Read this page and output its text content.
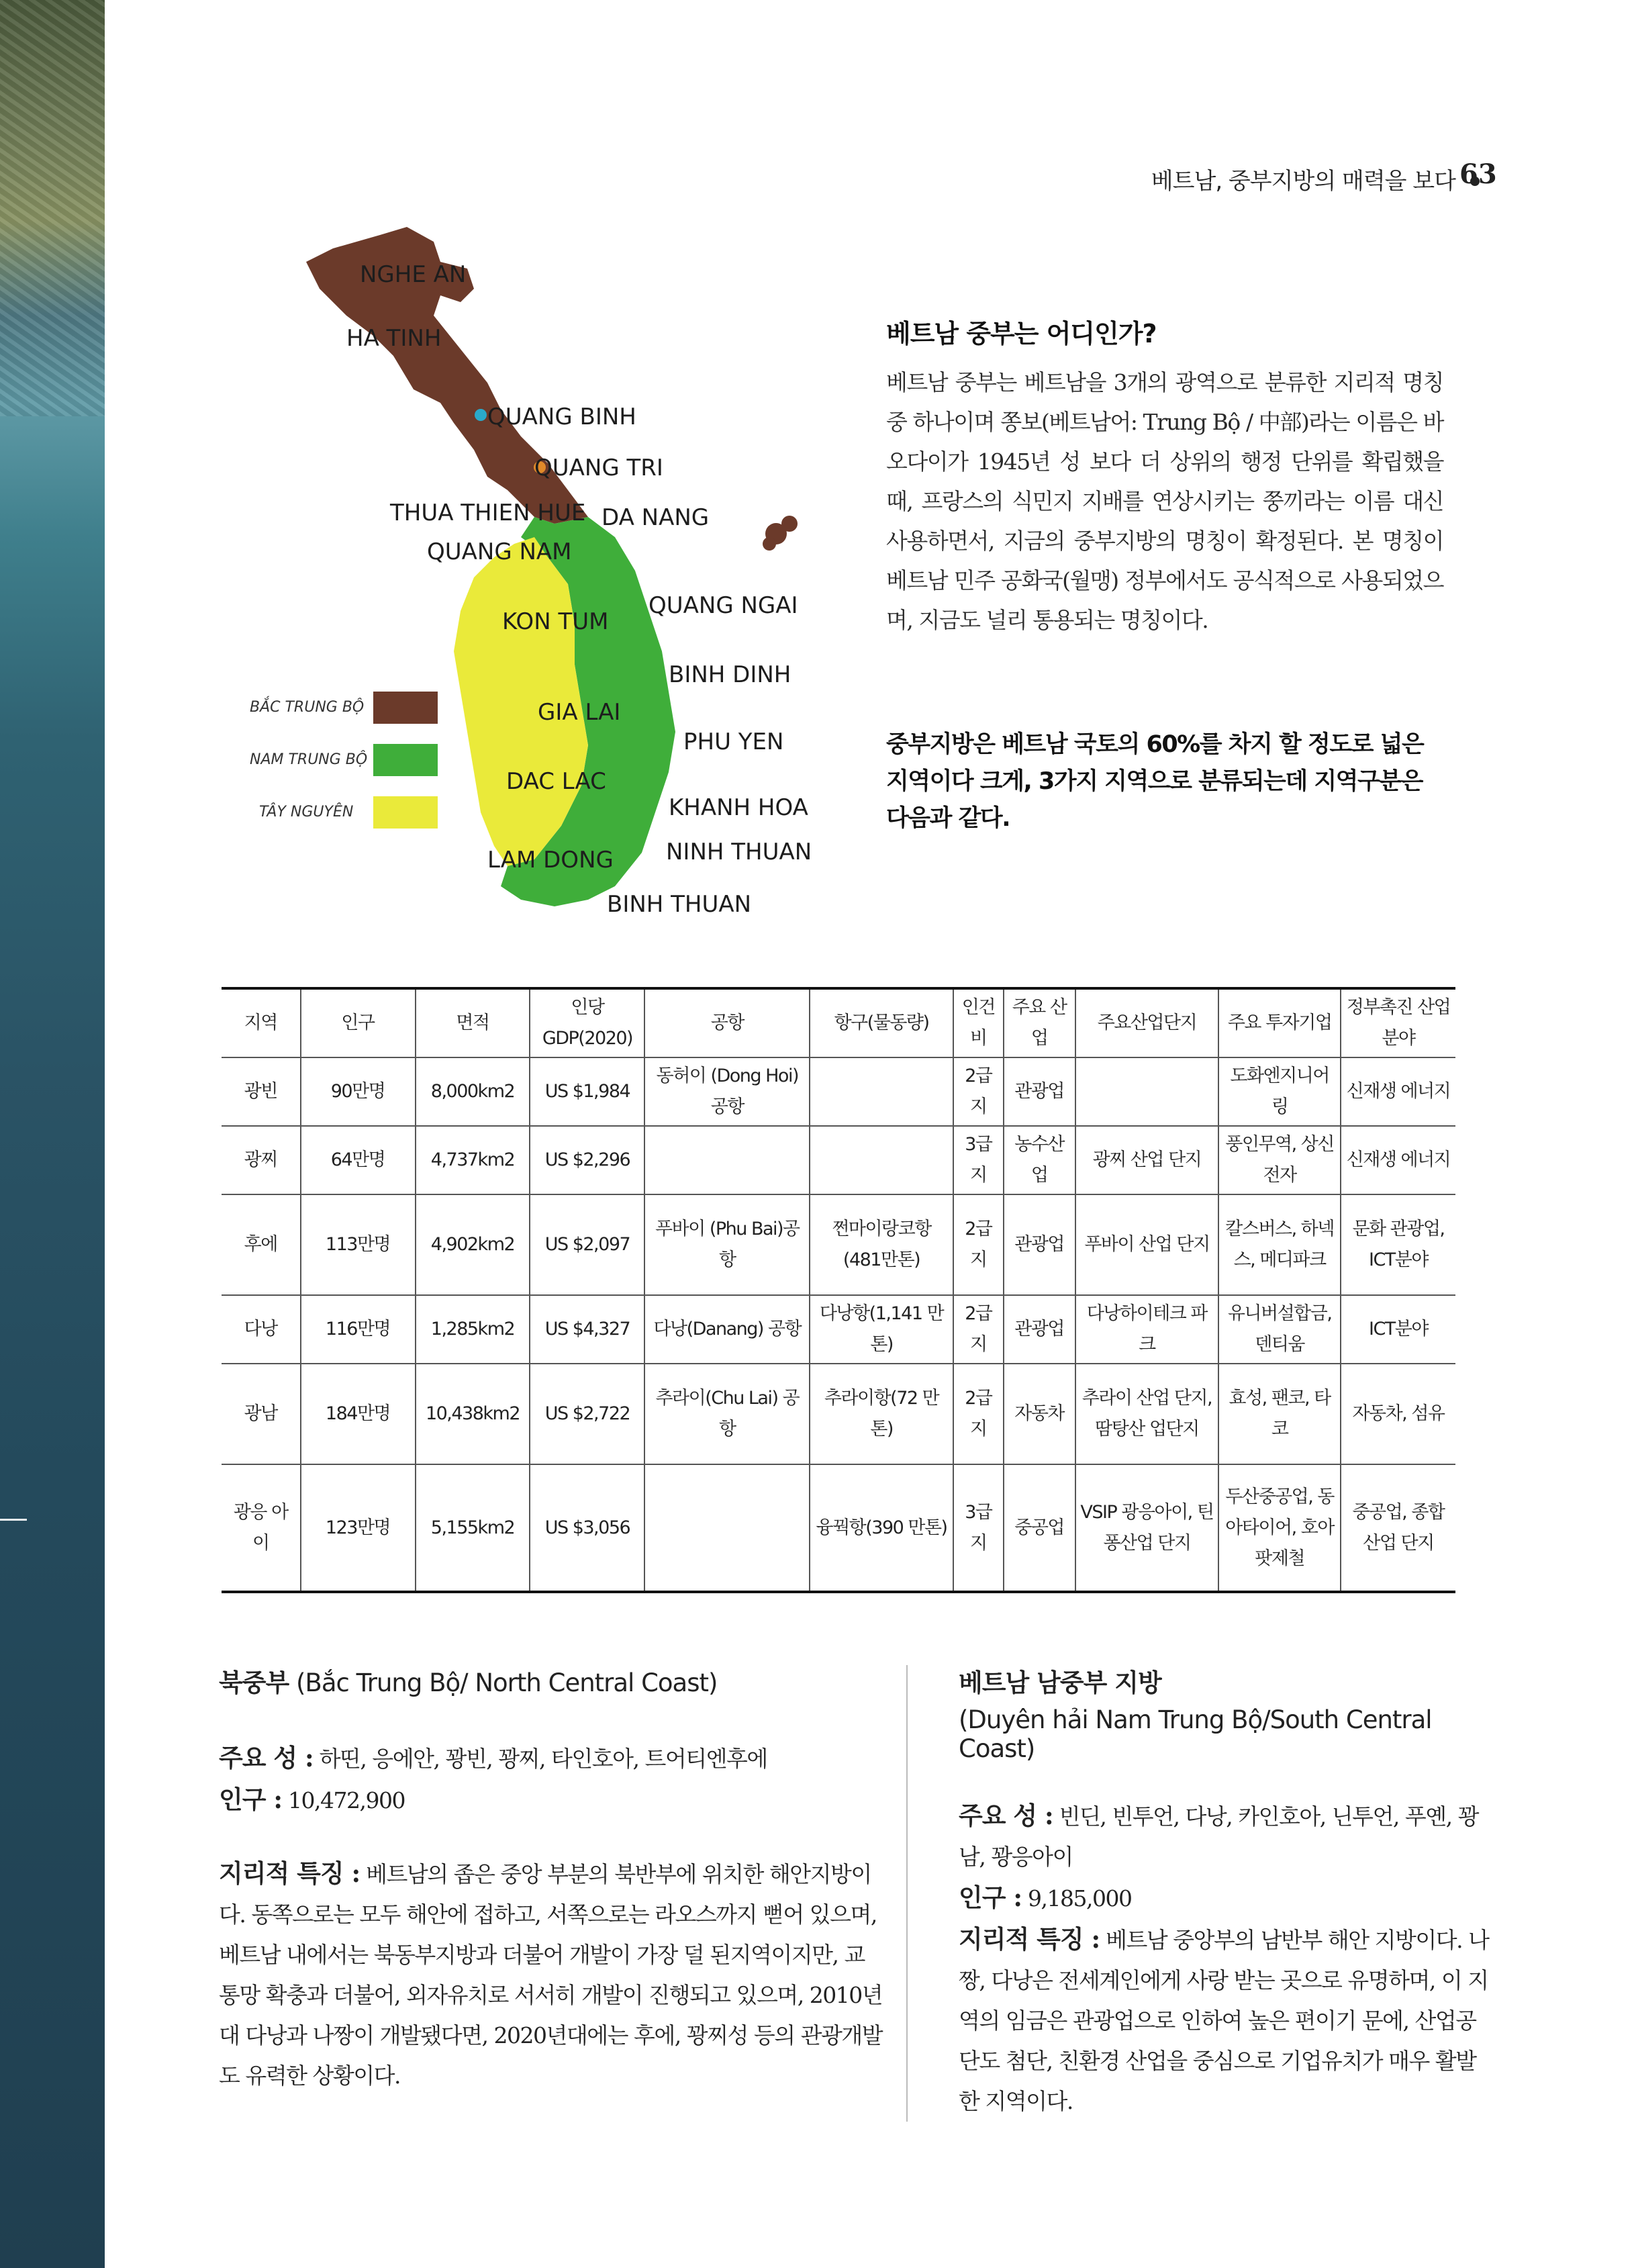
베트남, 중부지방의 매력을 보다 63
NGHE AN
HA TINH
QUANG BINH
QUANG TRI
THUA THIEN HUE DA NANG
QUANG NAM
QUANG NGAI
KON TUM
BINH DINH
GIA LAI
PHU YEN
DAC LAC
KHANH HOA
NINH THUAN
LAM DONG
BINH THUAN
BẮC TRUNG BỘ
NAM TRUNG BỘ
TÂY NGUYÊN
베트남 중부는 어디인가?
베트남 중부는 베트남을 3개의 광역으로 분류한 지리적 명칭 중 하나이며 쫑보(베트남어: Trung Bộ / 中部)라는 이름은 바오다이가 1945년 성 보다 더 상위의 행정 단위를 확립했을 때, 프랑스의 식민지 지배를 연상시키는 쭝끼라는 이름 대신 사용하면서, 지금의 중부지방의 명칭이 확정된다. 본 명칭이 베트남 민주 공화국(월맹) 정부에서도 공식적으로 사용되었으며, 지금도 널리 통용되는 명칭이다.
중부지방은 베트남 국토의 60%를 차지 할 정도로 넓은 지역이다 크게, 3가지 지역으로 분류되는데 지역구분은 다음과 같다.
지역	인구	면적	인당 GDP(2020)	공항	항구(물동량)	인건비	주요 산업	주요산업단지	주요 투자기업	정부촉진 산업분야
광빈	90만명	8,000km2	US $1,984	동허이 (Dong Hoi)공항		2급지	관광업		도화엔지니어링	신재생 에너지
광찌	64만명	4,737km2	US $2,296			3급지	농수산업	광찌 산업 단지	풍인무역, 상신전자	신재생 에너지
후에	113만명	4,902km2	US $2,097	푸바이 (Phu Bai)공항	쩐마이랑코항 (481만톤)	2급지	관광업	푸바이 산업 단지	칼스버스, 하넥스, 메디파크	문화 관광업, ICT분야
다낭	116만명	1,285km2	US $4,327	다낭(Danang) 공항	다낭항(1,141 만톤)	2급지	관광업	다낭하이테크 파크	유니버설합금, 덴티움	ICT분야
광남	184만명	10,438km2	US $2,722	추라이(Chu Lai) 공항	추라이항(72 만톤)	2급지	자동차	추라이 산업 단지, 땀탕산 업단지	효성, 팬코, 타코	자동차, 섬유
광응 아이	123만명	5,155km2	US $3,056		융꿕항(390 만톤)	3급지	중공업	VSIP 광응아이, 틴퐁산업 단지	두산중공업, 동아타이어, 호아 팟제철	중공업, 종합산업 단지
북중부 (Bắc Trung Bộ/ North Central Coast)
주요 성 : 하띤, 응에안, 꽝빈, 꽝찌, 타인호아, 트어티엔후에
인구 : 10,472,900
지리적 특징 : 베트남의 좁은 중앙 부분의 북반부에 위치한 해안지방이다. 동쪽으로는 모두 해안에 접하고, 서쪽으로는 라오스까지 뻗어 있으며, 베트남 내에서는 북동부지방과 더불어 개발이 가장 덜 된지역이지만, 교통망 확충과 더불어, 외자유치로 서서히 개발이 진행되고 있으며, 2010년대 다낭과 나짱이 개발됐다면, 2020년대에는 후에, 꽝찌성 등의 관광개발도 유력한 상황이다.
베트남 남중부 지방
(Duyên hải Nam Trung Bộ/South Central Coast)
주요 성 : 빈딘, 빈투언, 다낭, 카인호아, 닌투언, 푸옌, 꽝남, 꽝응아이
인구 : 9,185,000
지리적 특징 : 베트남 중앙부의 남반부 해안 지방이다. 나짱, 다낭은 전세계인에게 사랑 받는 곳으로 유명하며, 이 지역의 임금은 관광업으로 인하여 높은 편이기 문에, 산업공단도 첨단, 친환경 산업을 중심으로 기업유치가 매우 활발한 지역이다.
